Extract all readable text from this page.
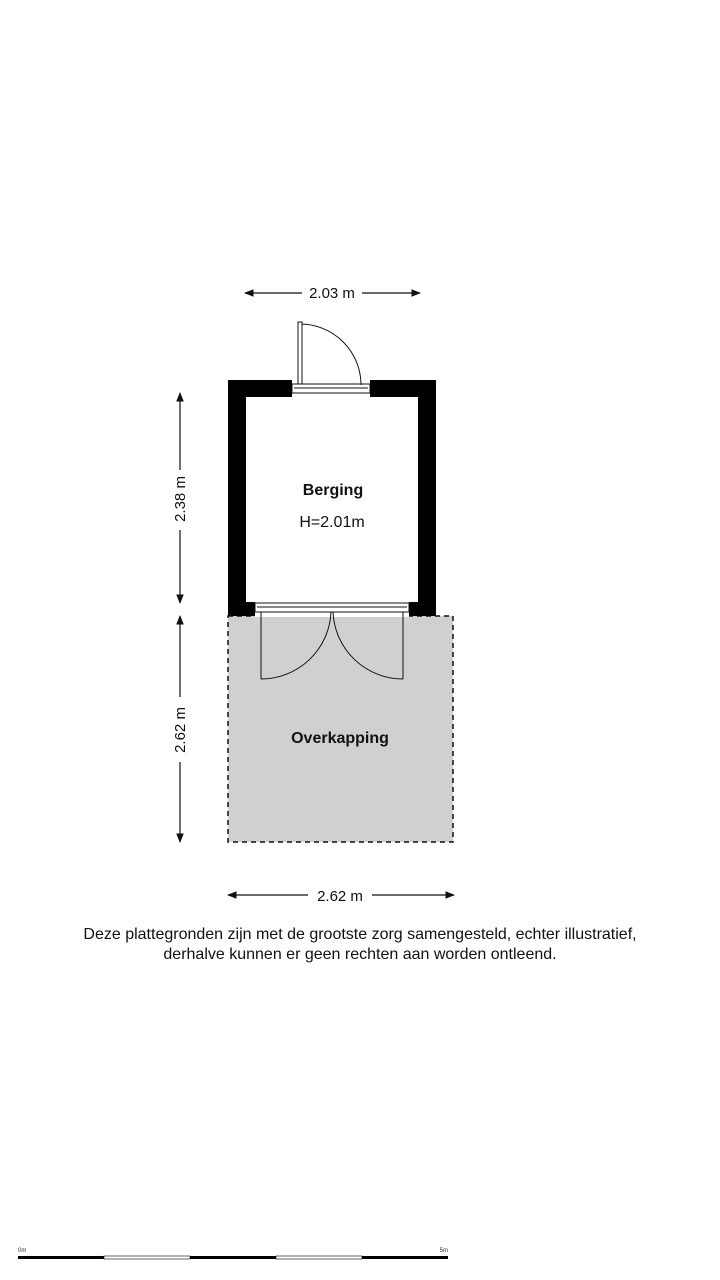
2.03 m
2.38 m
2.62 m
2.62 m
Berging
H=2.01m
Overkapping
0m	5m
Deze plattegronden zijn met de grootste zorg samengesteld, echter illustratief,
derhalve kunnen er geen rechten aan worden ontleend.
